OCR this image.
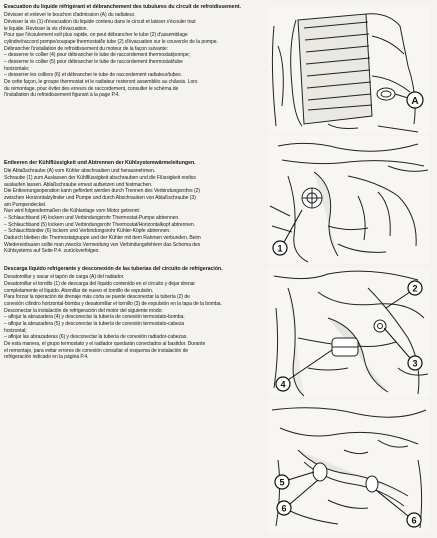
Evacuation du liquide réfrigérant et débranchement des tubulures du circuit de refroidissement.

Dévisser et enlever le bouchon d'admission (A) du radiateur.

Dévisser la vis (1) d'évacuation du liquide contenu dans le circuit et laisser s'écouler tout

le liquide. Revisser la vis d'évacuation.

Pour que l'écoulement soit plus rapide, on peut débrancher le tube (2) d'assemblage

cylindre/raccord pompe/soupape thermostat/le tube (2) d'évacuation sur le couvercle de la pompe.

Débrancher l'installation de refroidissement du moteur de la façon suivante:

– desserrer le collier (4) pour débrancher le tube de raccordement thermostat/pompe;

– desserrer le collier (5) pour débrancher le tube de raccordement thermostat/tube

horizontale;

– desserrer les colliers (6) et débrancher le tube de raccordement radiateur/tubes.

De cette façon, le groupe thermostat et le radiateur resteront assemblés au châssis. Lors

du remontage, pour éviter des erreurs de raccordement, consulter le schéma de

l'installation du refroidissement figurant à la page P.4.

Entleeren der Kühlflüssigkeit und Abtrennen der Kühlsystemwärmeleitungen.

Die Ablaßschraube (A) vom Kühler abschrauben und herausnehmen.

Schraube (1) zum Auslassen der Kühlflüssigkeit abschrauben und die Flüssigkeit restlos

auslaufen lassen. Ablaßschraube erneut aufsetzen und festmachen.

Die Entleerungsoperation kann gefördert werden durch Trennen des Verbindungsrohrs (2)

zwischen Horizontalzylinder und Pumpe und durch Abschrauben von Ablaßschraube (3)

am Pumpendeckel.

Nun wird folgendermaßen die Kühlanlage vom Motor getrennt:

– Schlauchband (4) lockern und Verbindungsrohr Thermostat-Pumpe abtrennen.

– Schlauchband (5) lockern und Verbindungsrohr Thermostat/Horizontalkopf abtrennen.

– Schlauchbänder (6) lockern und Verbindungsrohr Kühler-Köpfe abtrennen.

Dadurch bleiben die Thermostatgruppe und der Kühler mit dem Rahmen verbunden. Beim

Wiedereinbauen sollte man zwecks Vermeidung von Verbindungsfehlern das Schema des

Kühlsystems auf Seite P.4. zurückverfolgen.

Descarga líquido refrigerante y desconexión de las tuberías del circuito de refrigeración.

Desatornillar y sacar el tapón de carga (A) del radiador.

Desatornillar el tornillo (1) de descarga del líquido contenido en el circuito y dejar drenar

completamente el líquido. Atornillar de nuevo el tornillo de expulsión.

Para forzar la operación de drenaje más corta se puede desconectar la tubería (2) de

conexión cilindro horizontal-bomba y desatornillar el tornillo (3) de expulsión en la tapa de la bomba.

Desconectar la instalación de refrigeración del motor del siguiente modo:

– aflojar la abrazadera (4) y desconectar la tubería de conexión termostato-bomba;

– aflojar la abrazadera (5) y desconectar la tubería de conexión termostato-cabeza

horizontal;

– aflojar las abrazaderas (6) y desconectar la tubería de conexión radiador-cabezas.

De esta manera, el grupo termostato y el radiador quedarán conectados al bastidor. Durante

el remontaje, para evitar errores de conexión consultar el esquema de instalación de

refrigeración indicado en la página P.4.

A
1
2
3
4
5
6
6
